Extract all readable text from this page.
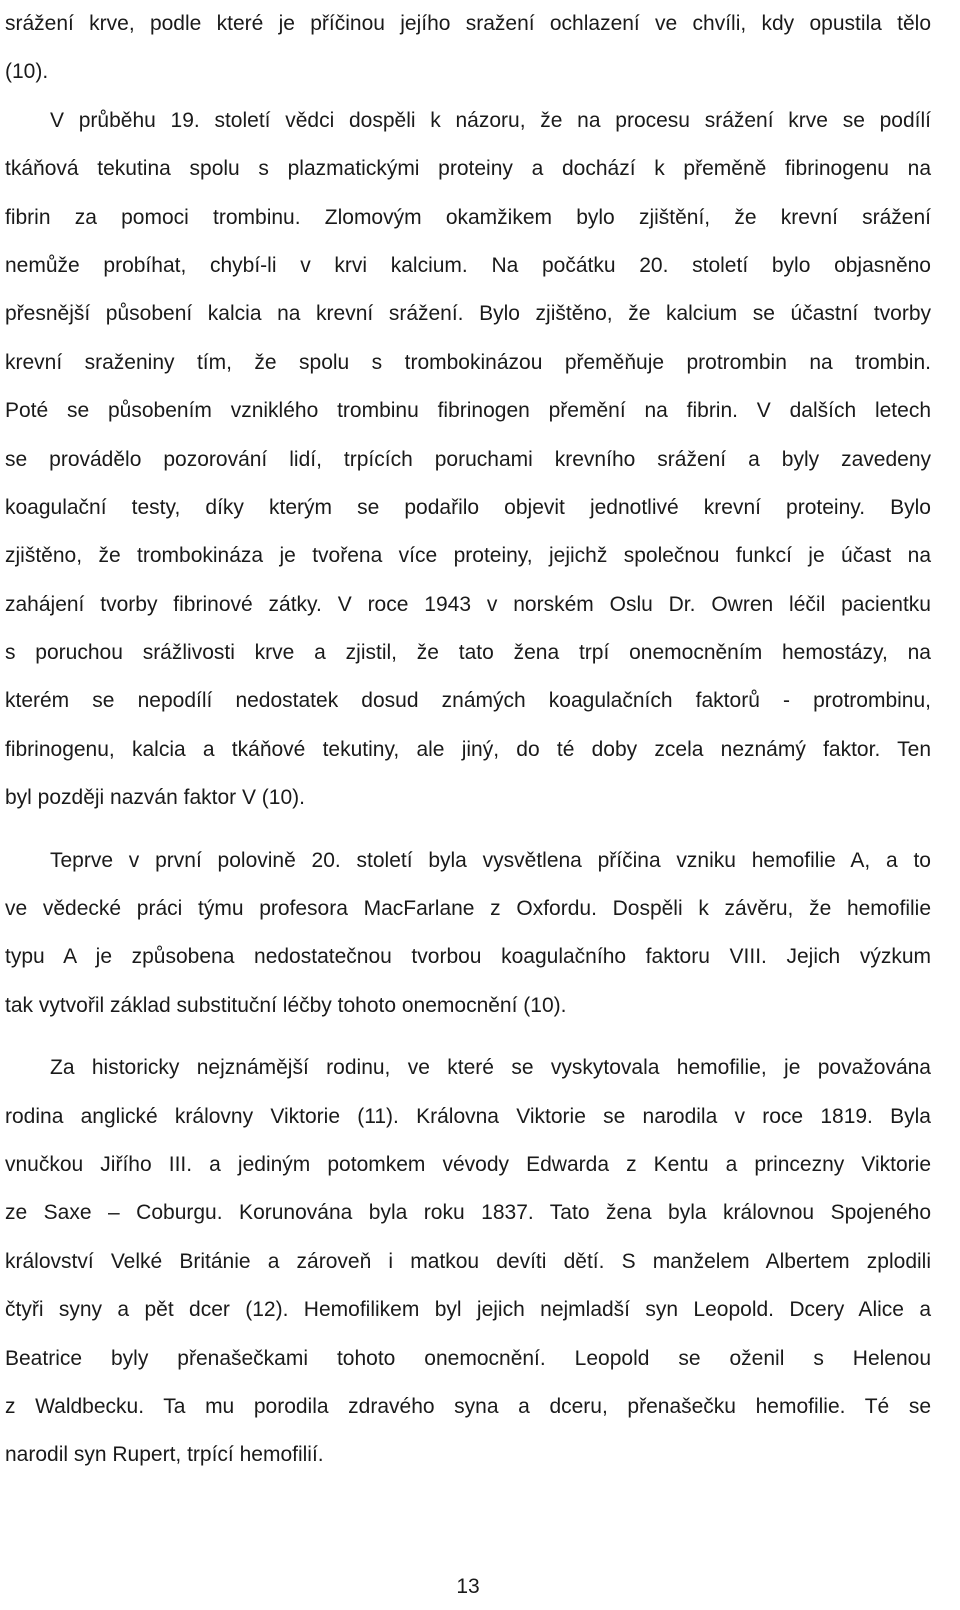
srážení krve, podle které je příčinou jejího sražení ochlazení ve chvíli, kdy opustila tělo
(10).
V průběhu 19. století vědci dospěli k názoru, že na procesu srážení krve se podílí
tkáňová tekutina spolu s plazmatickými proteiny a dochází k přeměně fibrinogenu na
fibrin za pomoci trombinu. Zlomovým okamžikem bylo zjištění, že krevní srážení
nemůže probíhat, chybí-li v krvi kalcium. Na počátku 20. století bylo objasněno
přesnější působení kalcia na krevní srážení. Bylo zjištěno, že kalcium se účastní tvorby
krevní sraženiny tím, že spolu s trombokinázou přeměňuje protrombin na trombin.
Poté se působením vzniklého trombinu fibrinogen přemění na fibrin. V dalších letech
se provádělo pozorování lidí, trpících poruchami krevního srážení a byly zavedeny
koagulační testy, díky kterým se podařilo objevit jednotlivé krevní proteiny. Bylo
zjištěno, že trombokináza je tvořena více proteiny, jejichž společnou funkcí je účast na
zahájení tvorby fibrinové zátky. V roce 1943 v norském Oslu Dr. Owren léčil pacientku
s poruchou srážlivosti krve a zjistil, že tato žena trpí onemocněním hemostázy, na
kterém se nepodílí nedostatek dosud známých koagulačních faktorů - protrombinu,
fibrinogenu, kalcia a tkáňové tekutiny, ale jiný, do té doby zcela neznámý faktor. Ten
byl později nazván faktor V (10).
Teprve v první polovině 20. století byla vysvětlena příčina vzniku hemofilie A, a to
ve vědecké práci týmu profesora MacFarlane z Oxfordu. Dospěli k závěru, že hemofilie
typu A je způsobena nedostatečnou tvorbou koagulačního faktoru VIII. Jejich výzkum
tak vytvořil základ substituční léčby tohoto onemocnění (10).
Za historicky nejznámější rodinu, ve které se vyskytovala hemofilie, je považována
rodina anglické královny Viktorie (11). Královna Viktorie se narodila v roce 1819. Byla
vnučkou Jiřího III. a jediným potomkem vévody Edwarda z Kentu a princezny Viktorie
ze Saxe – Coburgu. Korunována byla roku 1837. Tato žena byla královnou Spojeného
království Velké Británie a zároveň i matkou devíti dětí. S manželem Albertem zplodili
čtyři syny a pět dcer (12). Hemofilikem byl jejich nejmladší syn Leopold. Dcery Alice a
Beatrice byly přenašečkami tohoto onemocnění. Leopold se oženil s Helenou
z Waldbecku. Ta mu porodila zdravého syna a dceru, přenašečku hemofilie. Té se
narodil syn Rupert, trpící hemofilií.
13
